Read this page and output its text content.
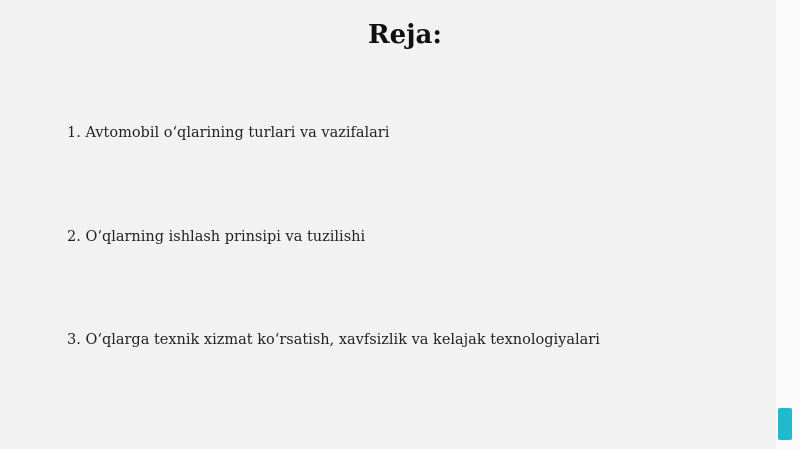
Reja:

1. Avtomobil o‘qlarining turlari va vazifalari

2. O‘qlarning ishlash prinsipi va tuzilishi

3. O‘qlarga texnik xizmat ko‘rsatish, xavfsizlik va kelajak texnologiyalari
